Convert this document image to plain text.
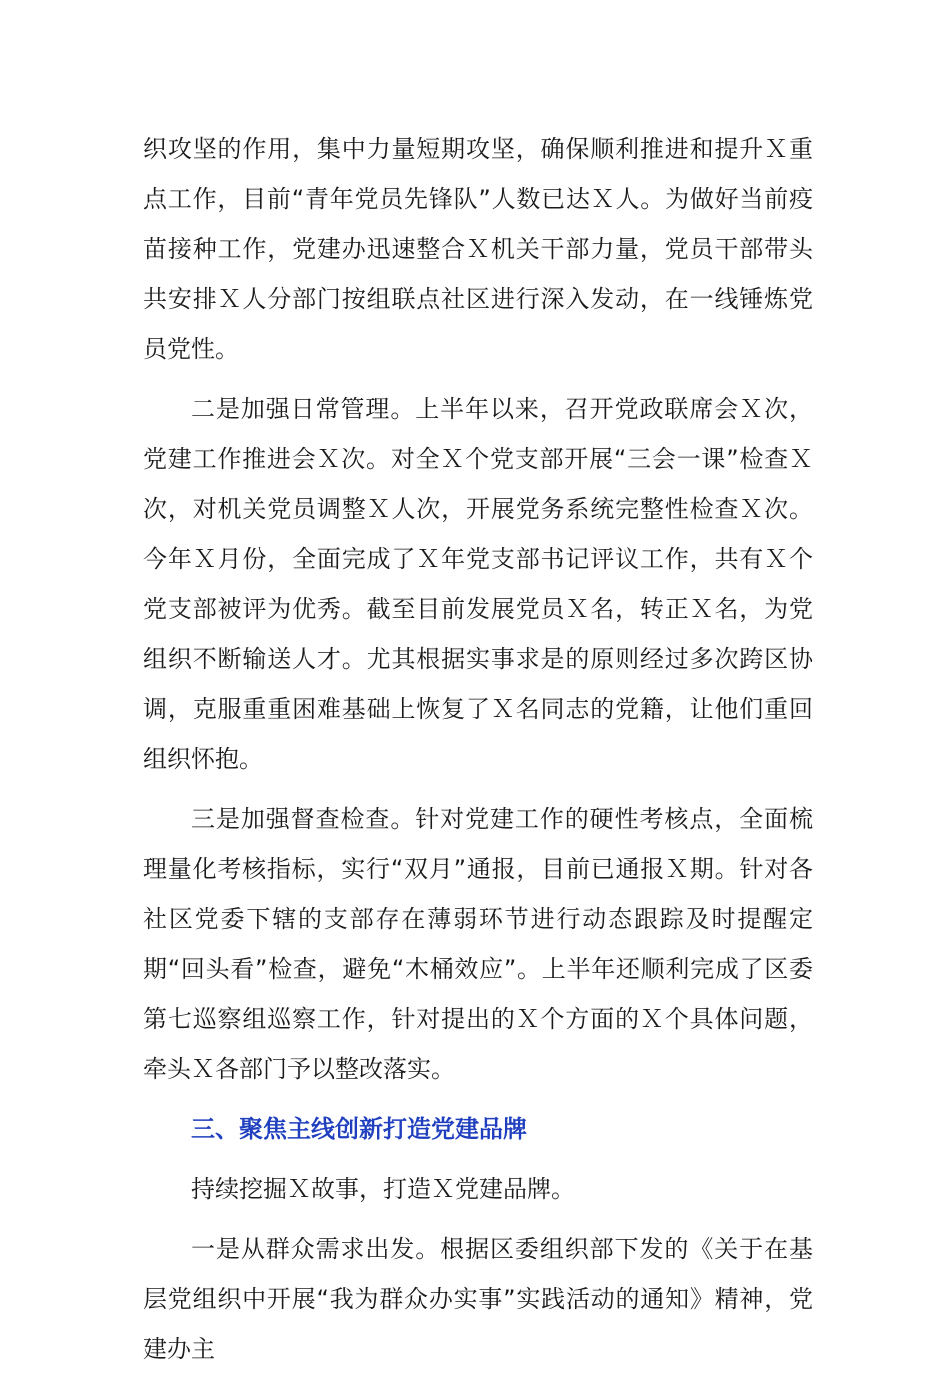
织攻坚的作用，集中力量短期攻坚，确保顺利推进和提升Ｘ重点工作，目前“青年党员先锋队”人数已达Ｘ人。为做好当前疫苗接种工作，党建办迅速整合Ｘ机关干部力量，党员干部带头共安排Ｘ人分部门按组联点社区进行深入发动，在一线锤炼党员党性。

二是加强日常管理。上半年以来，召开党政联席会Ｘ次，党建工作推进会Ｘ次。对全Ｘ个党支部开展“三会一课”检查Ｘ次，对机关党员调整Ｘ人次，开展党务系统完整性检查Ｘ次。今年Ｘ月份，全面完成了Ｘ年党支部书记评议工作，共有Ｘ个党支部被评为优秀。截至目前发展党员Ｘ名，转正Ｘ名，为党组织不断输送人才。尤其根据实事求是的原则经过多次跨区协调，克服重重困难基础上恢复了Ｘ名同志的党籍，让他们重回组织怀抱。

三是加强督查检查。针对党建工作的硬性考核点，全面梳理量化考核指标，实行“双月”通报，目前已通报Ｘ期。针对各社区党委下辖的支部存在薄弱环节进行动态跟踪及时提醒定期“回头看”检查，避免“木桶效应”。上半年还顺利完成了区委第七巡察组巡察工作，针对提出的Ｘ个方面的Ｘ个具体问题，牵头Ｘ各部门予以整改落实。

三、聚焦主线创新打造党建品牌

持续挖掘Ｘ故事，打造Ｘ党建品牌。

一是从群众需求出发。根据区委组织部下发的《关于在基层党组织中开展“我为群众办实事”实践活动的通知》精神，党建办主
